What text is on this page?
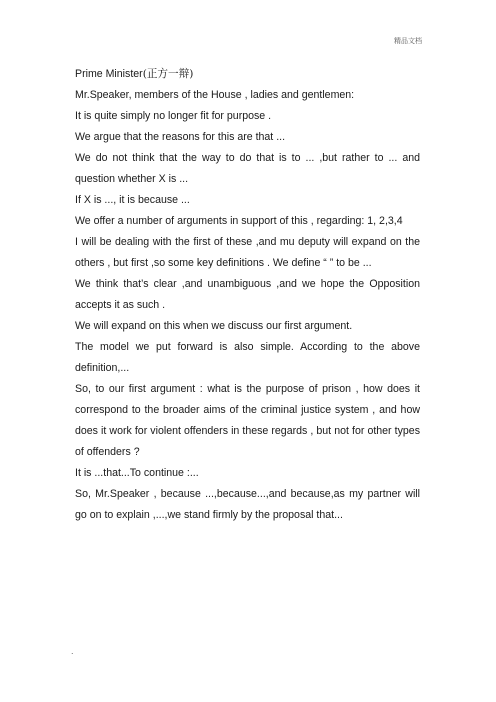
精品文档

Prime Minister(正方一辩)

Mr.Speaker, members of the House , ladies and gentlemen:

It is quite simply no longer fit for purpose .

We argue that the reasons for this are that ...

We do not think that the way to do that is to ... ,but rather to ... and question whether X is ...

If X is ..., it is because ...

We offer a number of arguments in support of this , regarding: 1, 2,3,4

I will be dealing with the first of these ,and mu deputy will expand on the others , but first ,so some key definitions . We define “ ” to be ...

We think that’s clear ,and unambiguous ,and we hope the Opposition accepts it as such .

We will expand on this when we discuss our first argument.

The model we put forward is also simple. According to the above definition,...

So, to our first argument : what is the purpose of prison , how does it correspond to the broader aims of the criminal justice system , and how does it work for violent offenders in these regards , but not for other types of offenders ?

It is ...that...To continue :...

So, Mr.Speaker , because ...,because...,and because,as my partner will go on to explain ,...,we stand firmly by the proposal that...

.
